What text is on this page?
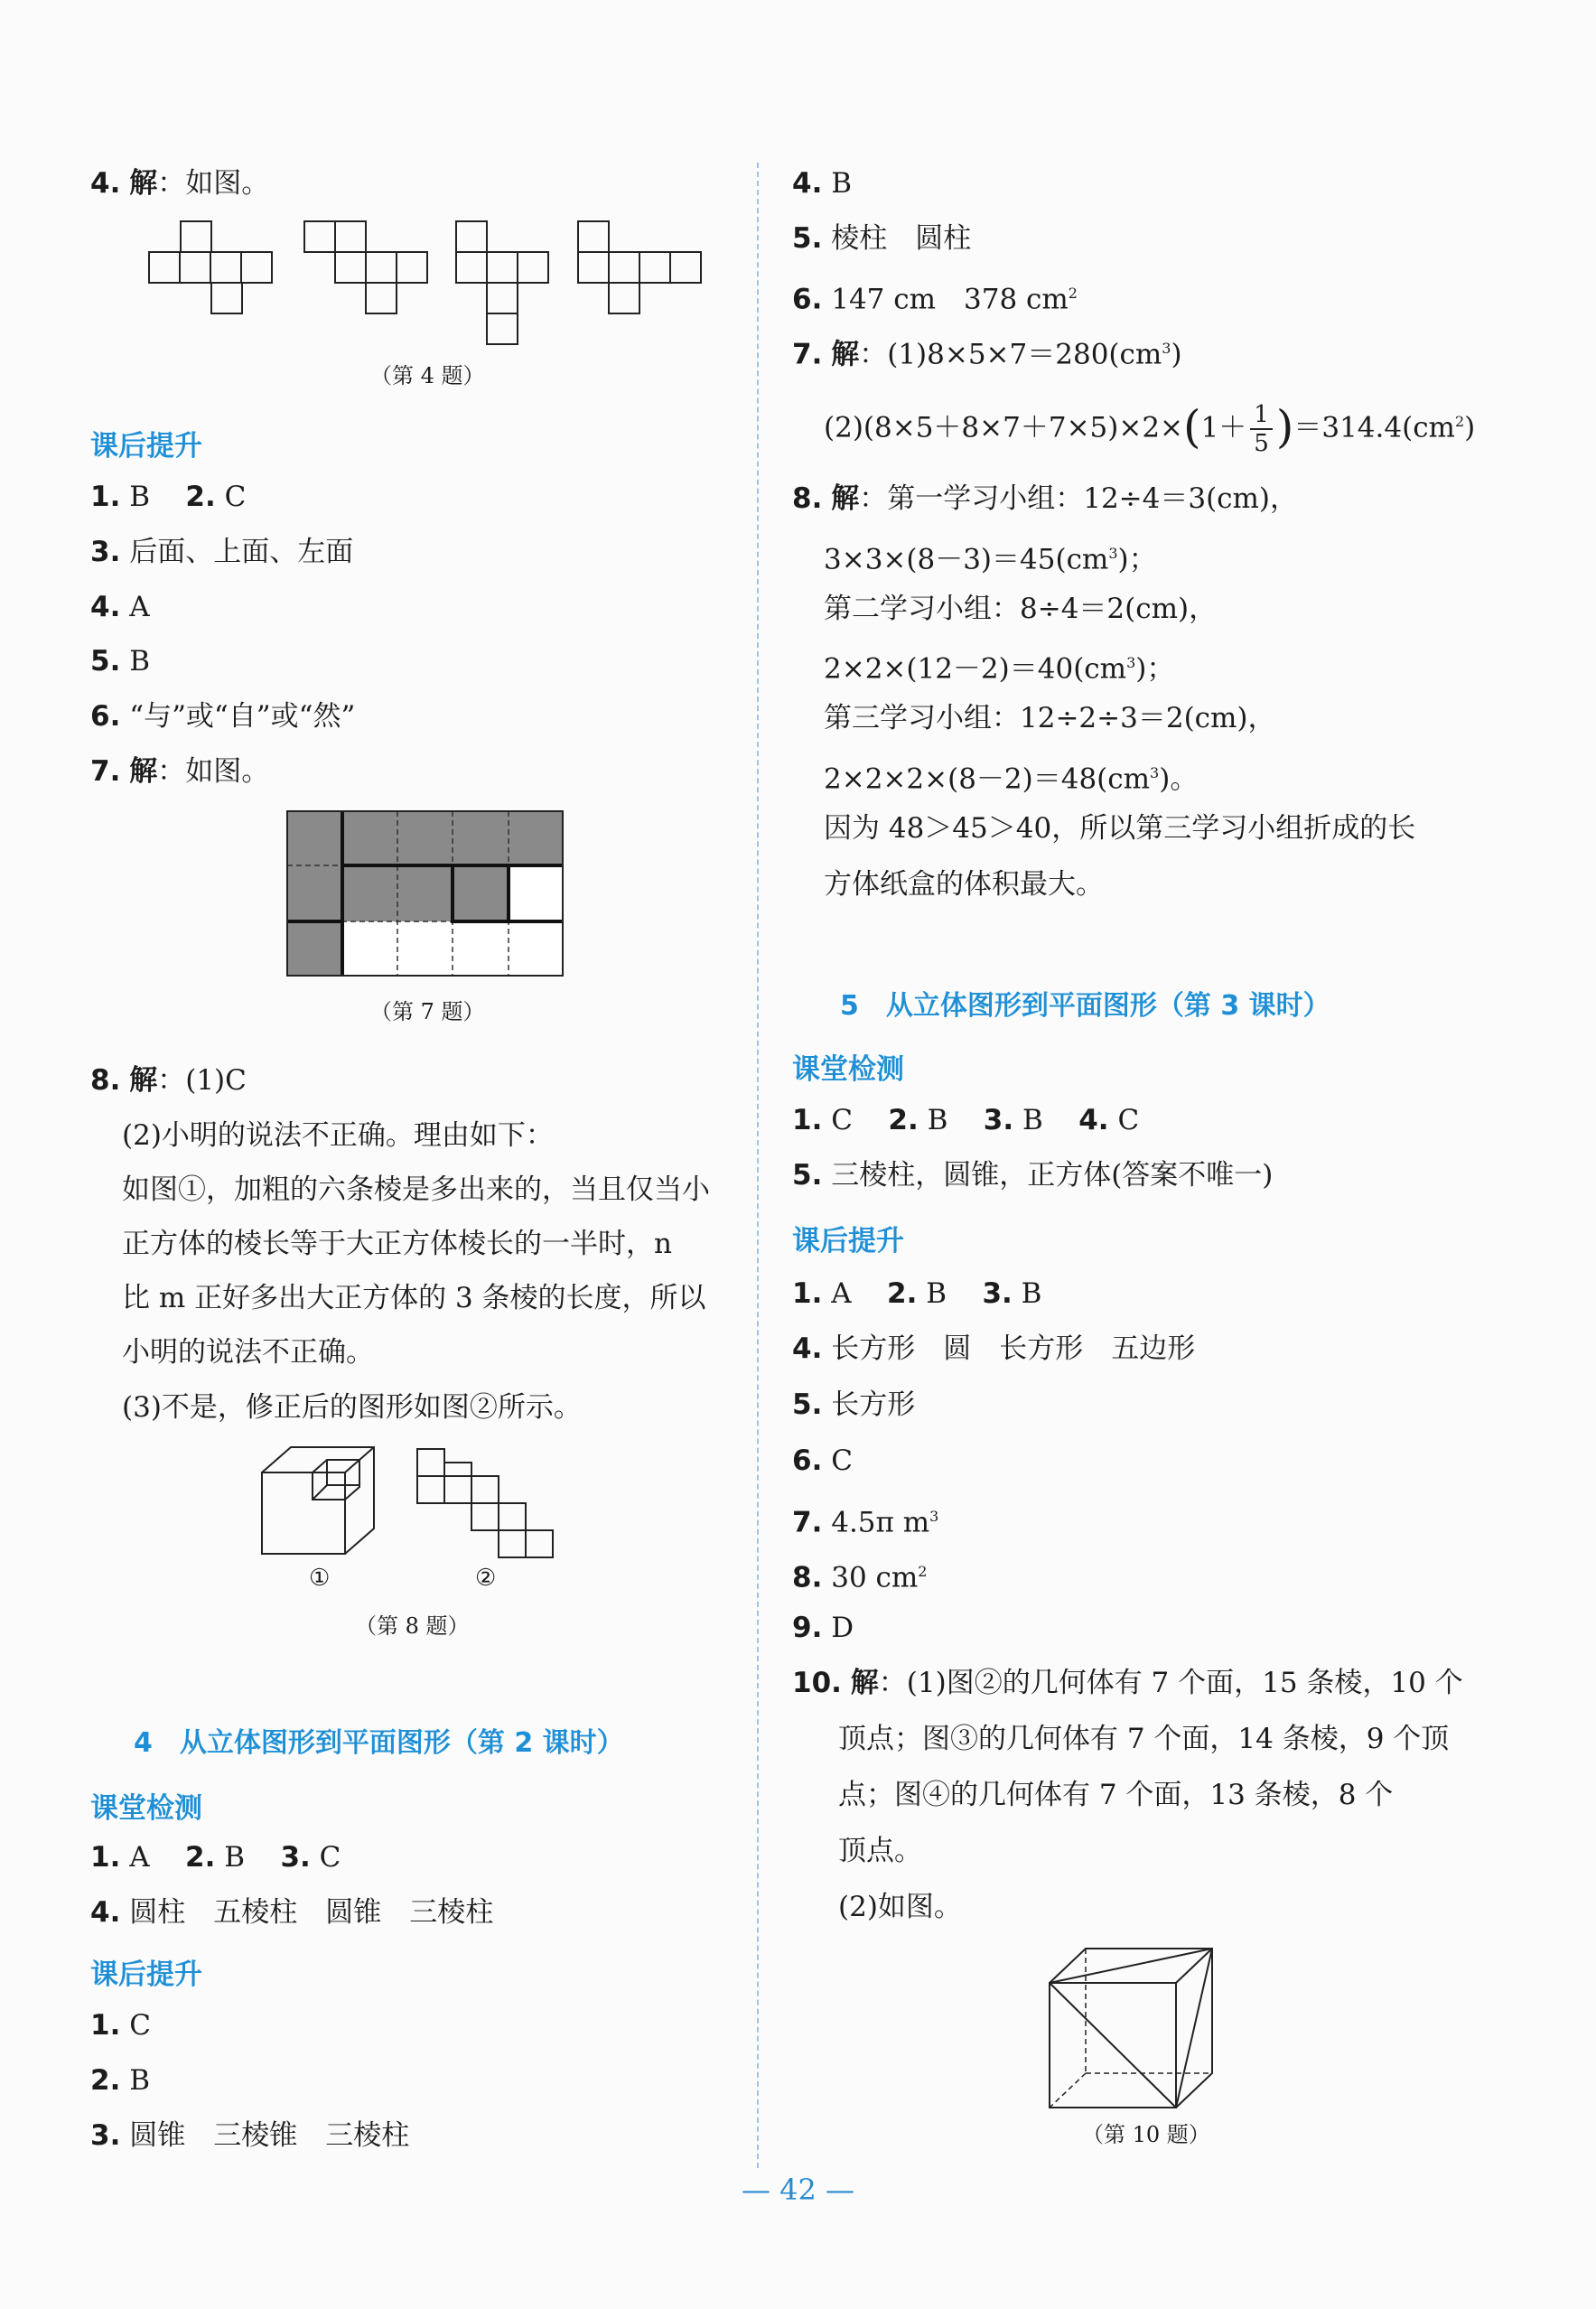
4. 解：如图。
（第 4 题）
课后提升
1. B 2. C
3. 后面、上面、左面
4. A
5. B
6. “与”或“自”或“然”
7. 解：如图。
（第 7 题）
8. 解：(1)C
(2)小明的说法不正确。理由如下：
如图①，加粗的六条棱是多出来的，当且仅当小
正方体的棱长等于大正方体棱长的一半时，n
比 m 正好多出大正方体的 3 条棱的长度，所以
小明的说法不正确。
(3)不是，修正后的图形如图②所示。
①	②
（第 8 题）
4　从立体图形到平面图形（第 2 课时）
课堂检测
1. A 2. B 3. C
4. 圆柱　五棱柱　圆锥　三棱柱
课后提升
1. C
2. B
3. 圆锥　三棱锥　三棱柱
4. B
5. 棱柱　圆柱
6. 147 cm　378 $cm^2$
7. 解：$(1)8\times 5\times 7=280(cm^3)$
$(2)(8\times 5+8\times 7+7\times 5)\times 2\times(1+ \frac{1}{5} )=314.4(cm^2)$
8. 解：第一学习小组：12÷4＝3(cm)，
$3\times 3\times(8-3)=45(cm^3)$；
第二学习小组：8÷4＝2(cm)，
$2\times 2\times(12-2)=40(cm^3)$；
第三学习小组：12÷2÷3＝2(cm)，
$2\times 2\times 2\times(8-2)=48(cm^3)$。
因为 48＞45＞40，所以第三学习小组折成的长
方体纸盒的体积最大。
5　从立体图形到平面图形（第 3 课时）
课堂检测
1. C 2. B 3. B 4. C
5. 三棱柱，圆锥，正方体(答案不唯一)
课后提升
1. A 2. B 3. B
4. 长方形　圆　长方形　五边形
5. 长方形
6. C
7. 4.5π $m^3$
8. 30 $cm^2$
9. D
10. 解：(1)图②的几何体有 7 个面，15 条棱，10 个
顶点；图③的几何体有 7 个面，14 条棱，9 个顶
点；图④的几何体有 7 个面，13 条棱，8 个
顶点。
(2)如图。
（第 10 题）
— 42 —
